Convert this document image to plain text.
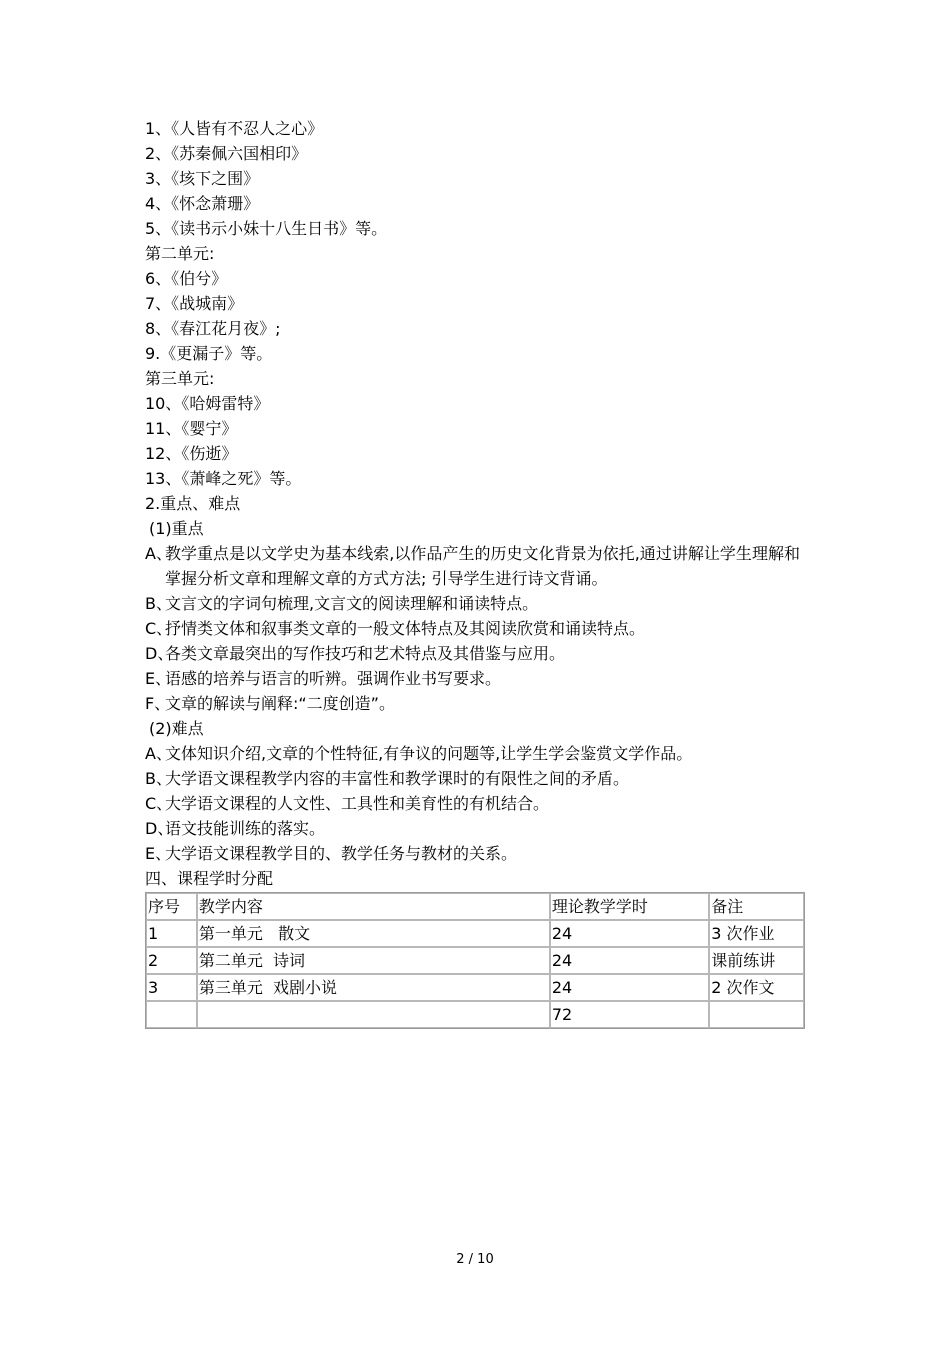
1、《人皆有不忍人之心》
2、《苏秦佩六国相印》
3、《垓下之围》
4、《怀念萧珊》
5、《读书示小妹十八生日书》等。
第二单元:
6、《伯兮》
7、《战城南》
8、《春江花月夜》;
9.《更漏子》等。
第三单元:
10、《哈姆雷特》
11、《婴宁》
12、《伤逝》
13、《萧峰之死》等。
2.重点、难点
(1)重点
A、
教学重点是以文学史为基本线索,以作品产生的历史文化背景为依托,通过讲解让学生理解和掌握分析文章和理解文章的方式方法; 引导学生进行诗文背诵。
B、
文言文的字词句梳理,文言文的阅读理解和诵读特点。
C、
抒情类文体和叙事类文章的一般文体特点及其阅读欣赏和诵读特点。
D、
各类文章最突出的写作技巧和艺术特点及其借鉴与应用。
E、
语感的培养与语言的听辨。强调作业书写要求。
F、
文章的解读与阐释:“二度创造”。
(2)难点
A、
文体知识介绍,文章的个性特征,有争议的问题等,让学生学会鉴赏文学作品。
B、
大学语文课程教学内容的丰富性和教学课时的有限性之间的矛盾。
C、
大学语文课程的人文性、工具性和美育性的有机结合。
D、
语文技能训练的落实。
E、
大学语文课程教学目的、教学任务与教材的关系。
四、课程学时分配
序号	教学内容	理论教学学时	备注
1	第一单元   散文	24	3 次作业
2	第二单元  诗词	24	课前练讲
3	第三单元  戏剧小说	24	2 次作文
		72	
2 / 10
